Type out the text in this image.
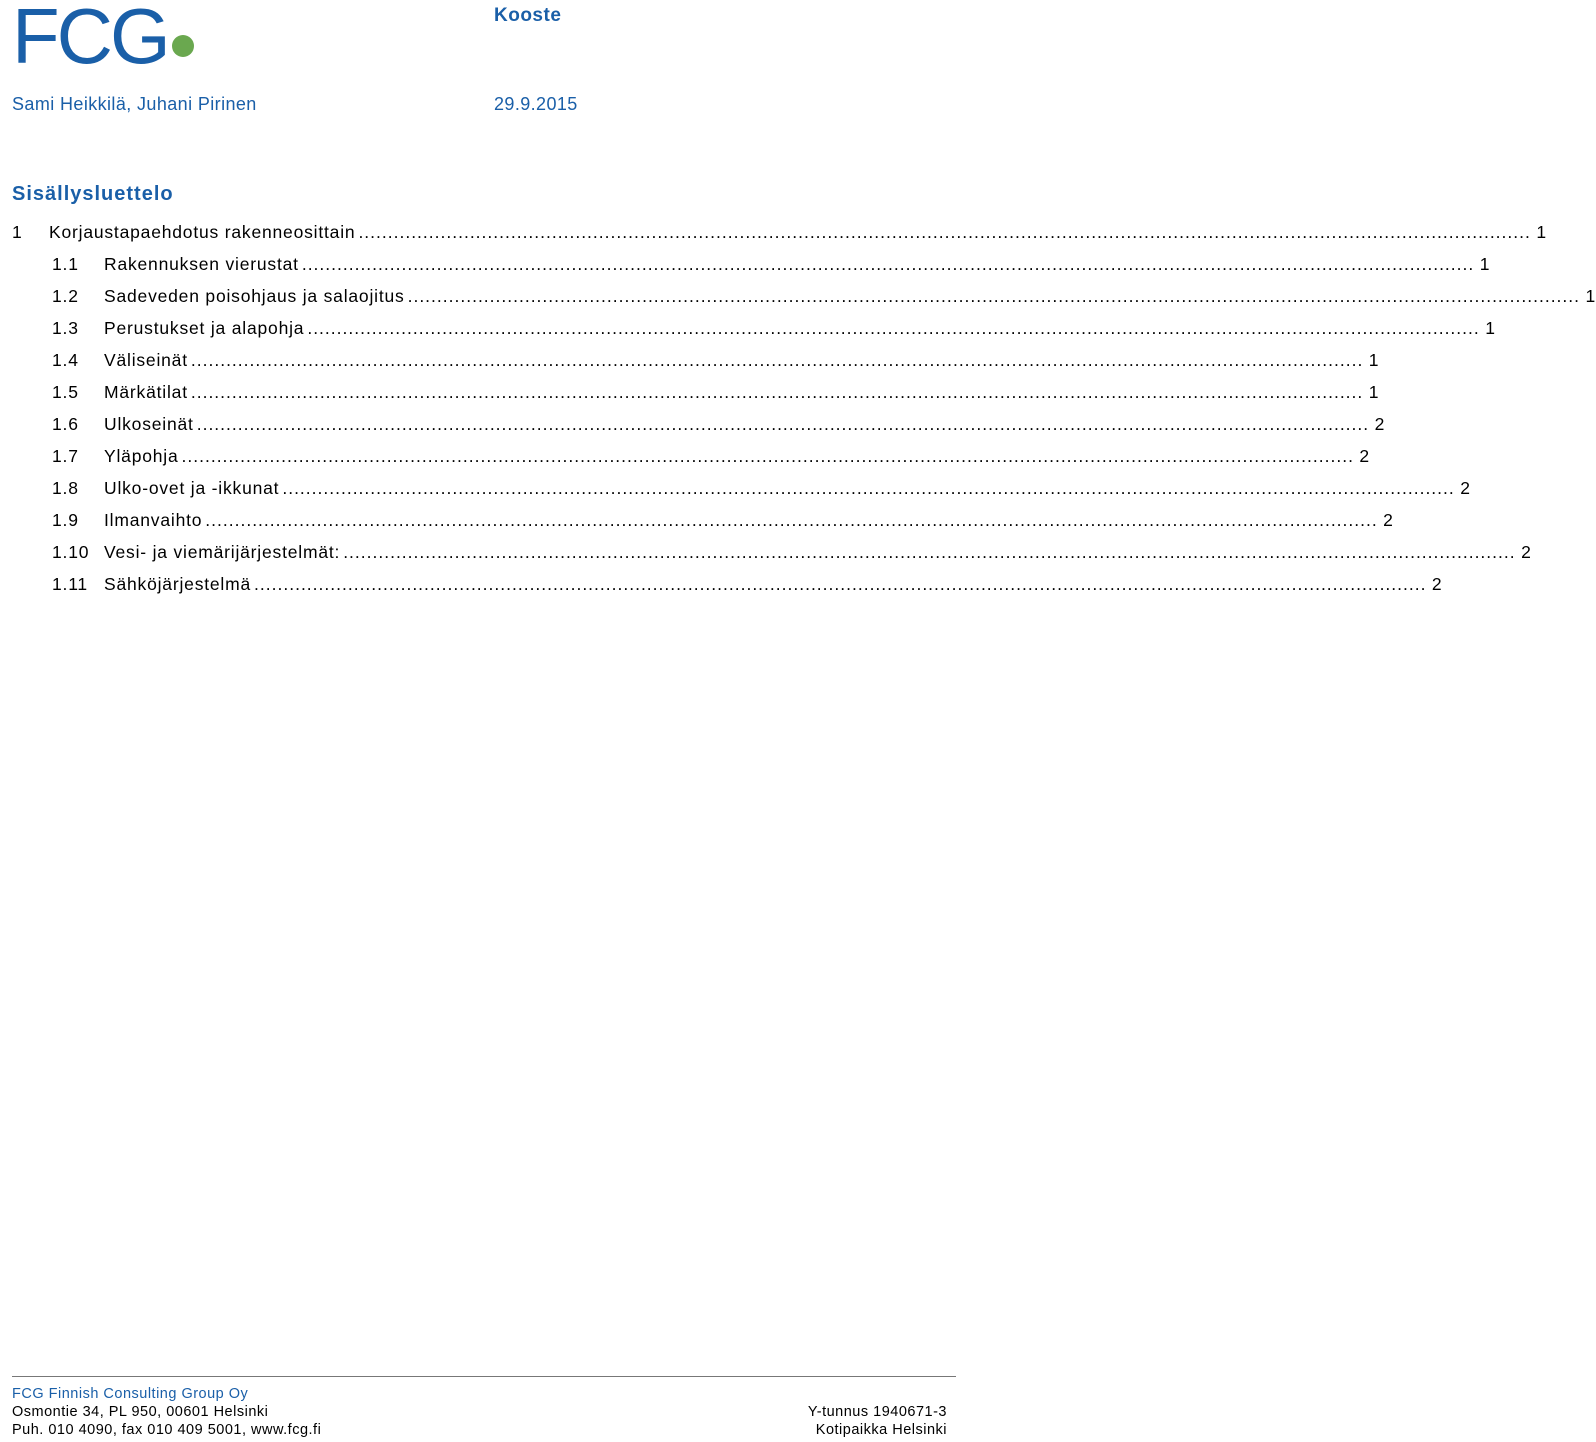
FCG	Kooste
Sami Heikkilä, Juhani Pirinen	29.9.2015
Sisällysluettelo
1	Korjaustapaehdotus rakenneosittain ........................................................................................................................................................................................................ 1
1.1	Rakennuksen vierustat ........................................................................................................................................................................................................ 1
1.2	Sadeveden poisohjaus ja salaojitus ........................................................................................................................................................................................................ 1
1.3	Perustukset ja alapohja ........................................................................................................................................................................................................ 1
1.4	Väliseinät ........................................................................................................................................................................................................ 1
1.5	Märkätilat ........................................................................................................................................................................................................ 1
1.6	Ulkoseinät ........................................................................................................................................................................................................ 2
1.7	Yläpohja ........................................................................................................................................................................................................ 2
1.8	Ulko-ovet ja -ikkunat ........................................................................................................................................................................................................ 2
1.9	Ilmanvaihto ........................................................................................................................................................................................................ 2
1.10 Vesi- ja viemärijärjestelmät: ........................................................................................................................................................................................................ 2
1.11 Sähköjärjestelmä ........................................................................................................................................................................................................ 2
FCG Finnish Consulting Group Oy
Osmontie 34, PL 950, 00601 Helsinki	Y-tunnus 1940671-3
Puh. 010 4090, fax 010 409 5001, www.fcg.fi	Kotipaikka Helsinki
